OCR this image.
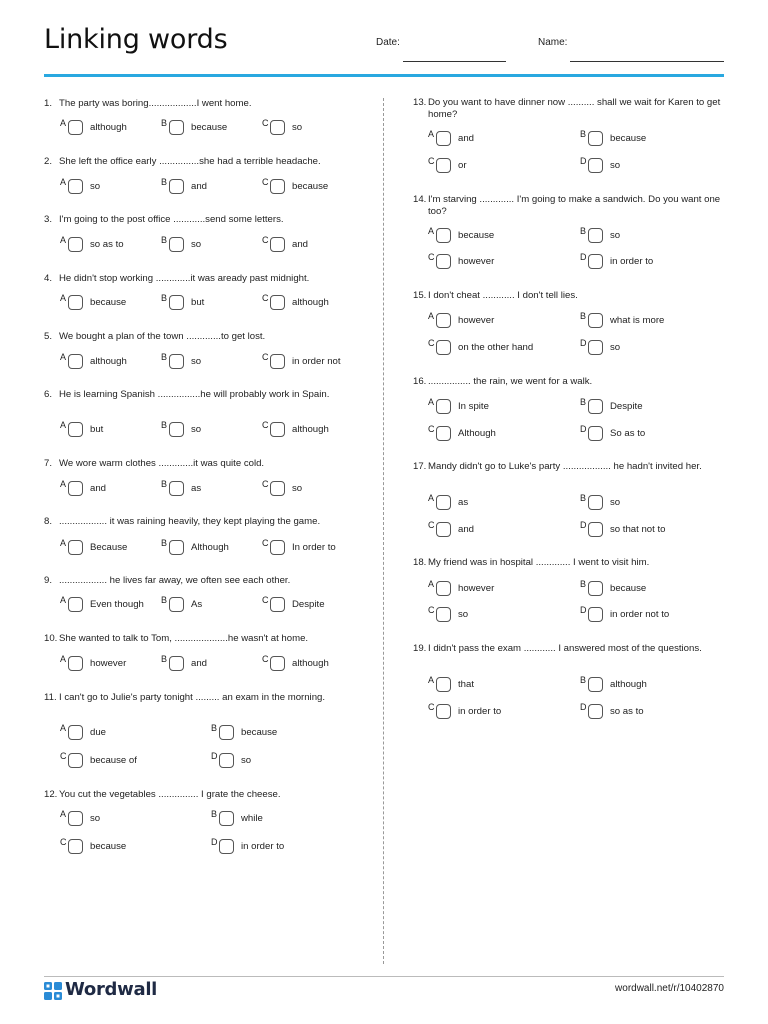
Linking words	Date:	Name:
1. The party was boring..................I went home.
A although	B because	C so
2. She left the office early ...............she had a terrible headache.
A so	B and	C because
3. I'm going to the post office ............send some letters.
A so as to	B so	C and
4. He didn't stop working .............it was aready past midnight.
A because	B but	C although
5. We bought a plan of the town .............to get lost.
A although	B so	C in order not
6. He is learning Spanish ................he will probably work in Spain.
A but	B so	C although
7. We wore warm clothes .............it was quite cold.
A and	B as	C so
8. .................. it was raining heavily, they kept playing the game.
A Because	B Although	C In order to
9. .................. he lives far away, we often see each other.
A Even though B As	C Despite
10. She wanted to talk to Tom, ....................he wasn't at home.
A however	B and	C although
11. I can't go to Julie's party tonight ......... an exam in the morning.
A due	B because
C because of	D so
12. You cut the vegetables ............... I grate the cheese.
A so	B while
C because	D in order to
13. Do you want to have dinner now .......... shall we wait for Karen to get home?
A and	B because
C or	D so
14. I'm starving ............. I'm going to make a sandwich. Do you want one too?
A because	B so
C however	D in order to
15. I don't cheat ............ I don't tell lies.
A however	B what is more
C on the other hand	D so
16. ................ the rain, we went for a walk.
A In spite	B Despite
C Although	D So as to
17. Mandy didn't go to Luke's party .................. he hadn't invited her.
A as	B so
C and	D so that not to
18. My friend was in hospital ............. I went to visit him.
A however	B because
C so	D in order not to
19. I didn't pass the exam ............ I answered most of the questions.
A that	B although
C in order to	D so as to
Wordwall	wordwall.net/r/10402870
